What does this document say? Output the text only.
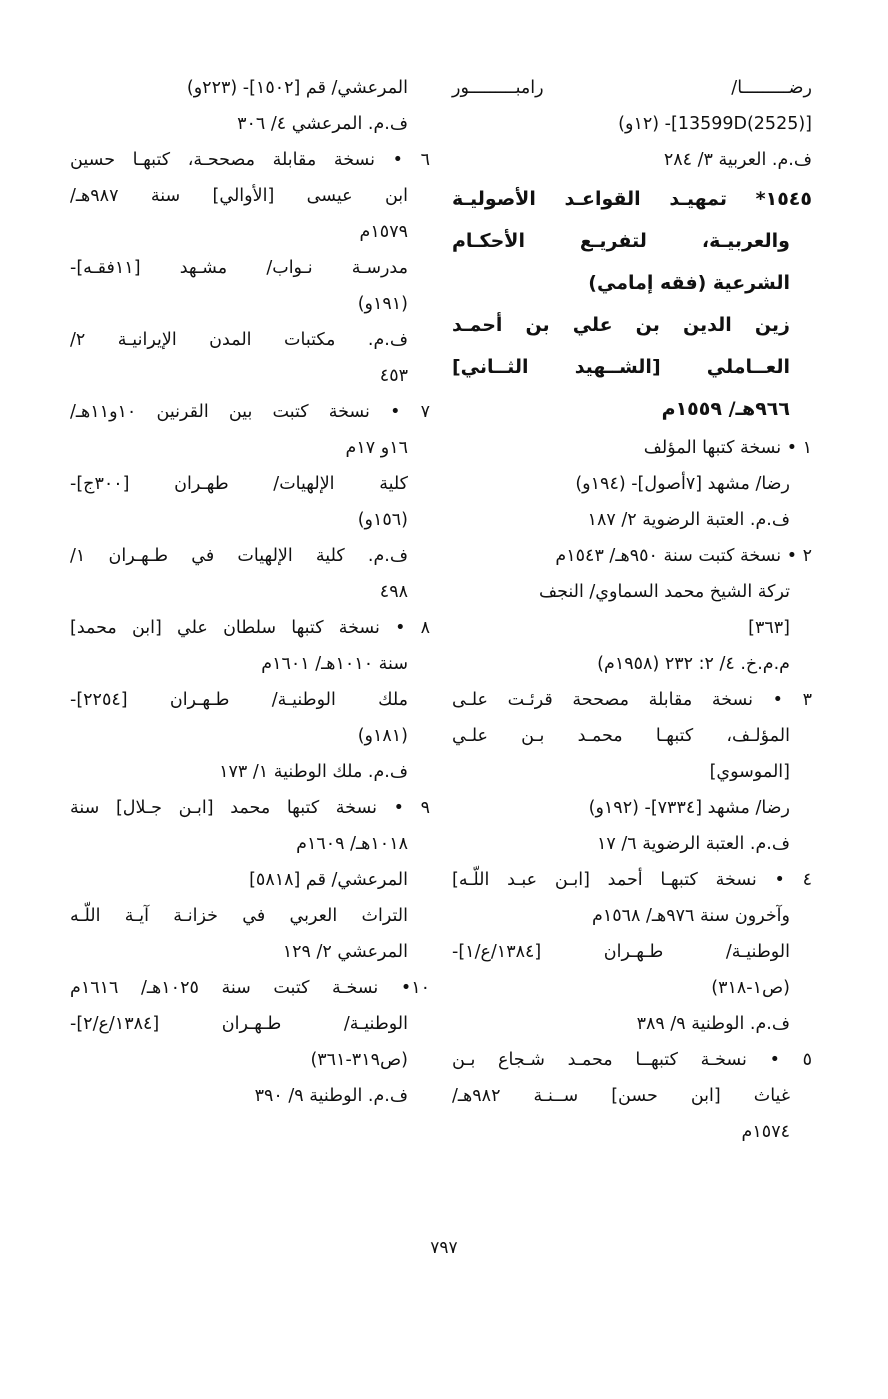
رضـــــــــا/ رامبـــــــــور
[(2525)13599D]- (١٢و)
ف.م. العربية ٣/ ٢٨٤
١٥٤٥* تمهيـد القواعـد الأصوليـة
والعربيـة، لتفريـع الأحكـام
الشرعية (فقه إمامي)
زين الدين بن علي بن أحمـد
العــاملي [الشــهيد الثــاني]
٩٦٦هـ/ ١٥٥٩م
١ • نسخة كتبها المؤلف
رضا/ مشهد [٧أصول]- (١٩٤و)
ف.م. العتبة الرضوية ٢/ ١٨٧
٢ • نسخة كتبت سنة ٩٥٠هـ/ ١٥٤٣م
تركة الشيخ محمد السماوي/ النجف
[٣٦٣]
م.م.خ. ٤/ ٢: ٢٣٢ (١٩٥٨م)
٣ • نسخة مقابلة مصححة قرئـت علـى
المؤلـف، كتبهـا محمـد بـن علـي
[الموسوي]
رضا/ مشهد [٧٣٣٤]- (١٩٢و)
ف.م. العتبة الرضوية ٦/ ١٧
٤ • نسخة كتبهـا أحمد [ابـن عبـد اللّـه]
وآخرون سنة ٩٧٦هـ/ ١٥٦٨م
الوطنيـة/ طـهـران [١٣٨٤/ع/١]-
(ص١-٣١٨)
ف.م. الوطنية ٩/ ٣٨٩
٥ • نسخـة كتبهــا محمـد شـجاع بـن
غياث [ابن حسن] ســنـة ٩٨٢هـ/
١٥٧٤م
المرعشي/ قم [١٥٠٢]- (٢٢٣و)
ف.م. المرعشي ٤/ ٣٠٦
٦ • نسخة مقابلة مصححـة، كتبهـا حسين
ابن عيسى [الأوالي] سنة ٩٨٧هـ/
١٥٧٩م
مدرسـة نـواب/ مشـهد [١١فقـه]-
(١٩١و)
ف.م. مكتبات المدن الإيرانيـة ٢/
٤٥٣
٧ • نسخة كتبت بين القرنين ١٠و١١هـ/
١٦و ١٧م
كلية الإلهيات/ طهـران [٣٠٠ج]-
(١٥٦و)
ف.م. كلية الإلهيات في طـهـران ١/
٤٩٨
٨ • نسخة كتبها سلطان علي [ابن محمد]
سنة ١٠١٠هـ/ ١٦٠١م
ملك الوطنيـة/ طـهـران [٢٢٥٤]-
(١٨١و)
ف.م. ملك الوطنية ١/ ١٧٣
٩ • نسخة كتبها محمد [ابـن جـلال] سنة
١٠١٨هـ/ ١٦٠٩م
المرعشي/ قم [٥٨١٨]
التراث العربي في خزانـة آيـة اللّـه
المرعشي ٢/ ١٢٩
١٠• نسخـة كتبت سنة ١٠٢٥هـ/ ١٦١٦م
الوطنيـة/ طـهـران [١٣٨٤/ع/٢]-
(ص٣١٩-٣٦١)
ف.م. الوطنية ٩/ ٣٩٠
٧٩٧
